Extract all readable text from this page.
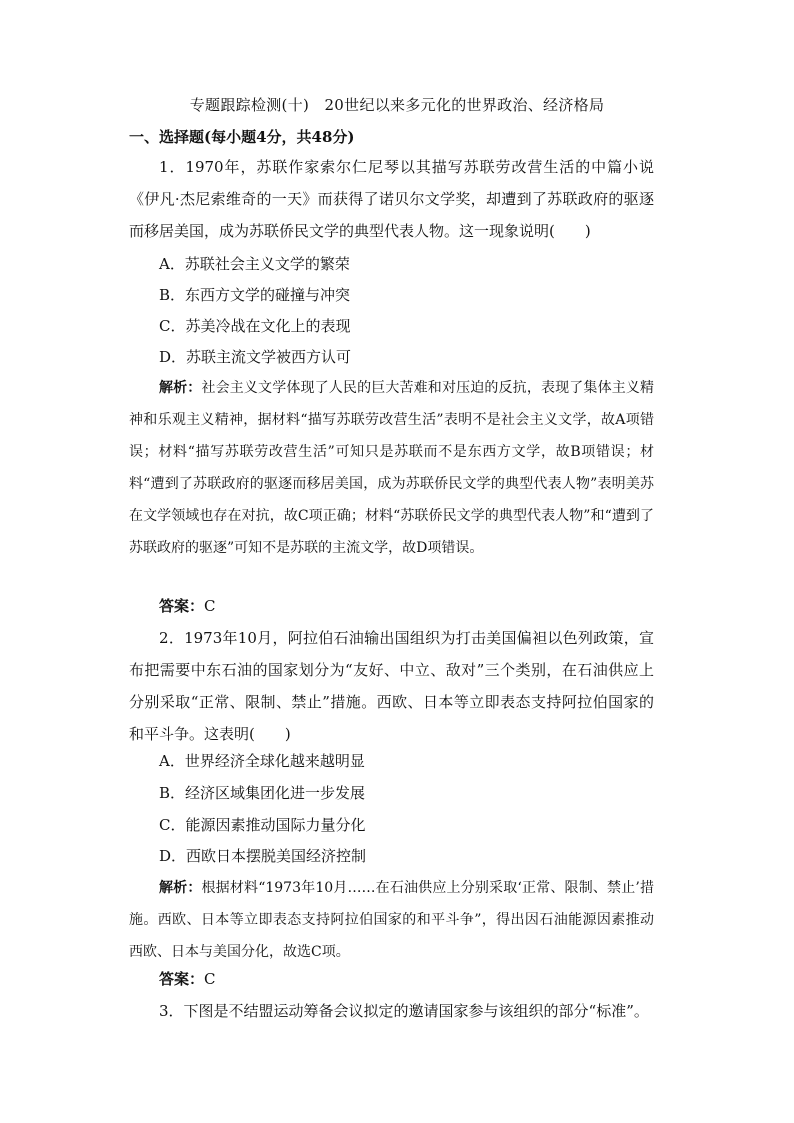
专题跟踪检测(十)　20世纪以来多元化的世界政治、经济格局
一、选择题(每小题4分，共48分)
1．1970年，苏联作家索尔仁尼琴以其描写苏联劳改营生活的中篇小说《伊凡·杰尼索维奇的一天》而获得了诺贝尔文学奖，却遭到了苏联政府的驱逐而移居美国，成为苏联侨民文学的典型代表人物。这一现象说明(　　)
A．苏联社会主义文学的繁荣
B．东西方文学的碰撞与冲突
C．苏美冷战在文化上的表现
D．苏联主流文学被西方认可
解析：社会主义文学体现了人民的巨大苦难和对压迫的反抗，表现了集体主义精神和乐观主义精神，据材料“描写苏联劳改营生活”表明不是社会主义文学，故A项错误；材料“描写苏联劳改营生活”可知只是苏联而不是东西方文学，故B项错误；材料“遭到了苏联政府的驱逐而移居美国，成为苏联侨民文学的典型代表人物”表明美苏在文学领域也存在对抗，故C项正确；材料“苏联侨民文学的典型代表人物”和“遭到了苏联政府的驱逐”可知不是苏联的主流文学，故D项错误。
答案：C
2．1973年10月，阿拉伯石油输出国组织为打击美国偏袒以色列政策，宣布把需要中东石油的国家划分为“友好、中立、敌对”三个类别，在石油供应上分别采取“正常、限制、禁止”措施。西欧、日本等立即表态支持阿拉伯国家的和平斗争。这表明(　　)
A．世界经济全球化越来越明显
B．经济区域集团化进一步发展
C．能源因素推动国际力量分化
D．西欧日本摆脱美国经济控制
解析：根据材料“1973年10月……在石油供应上分别采取‘正常、限制、禁止’措施。西欧、日本等立即表态支持阿拉伯国家的和平斗争”，得出因石油能源因素推动西欧、日本与美国分化，故选C项。
答案：C
3．下图是不结盟运动筹备会议拟定的邀请国家参与该组织的部分“标准”。
